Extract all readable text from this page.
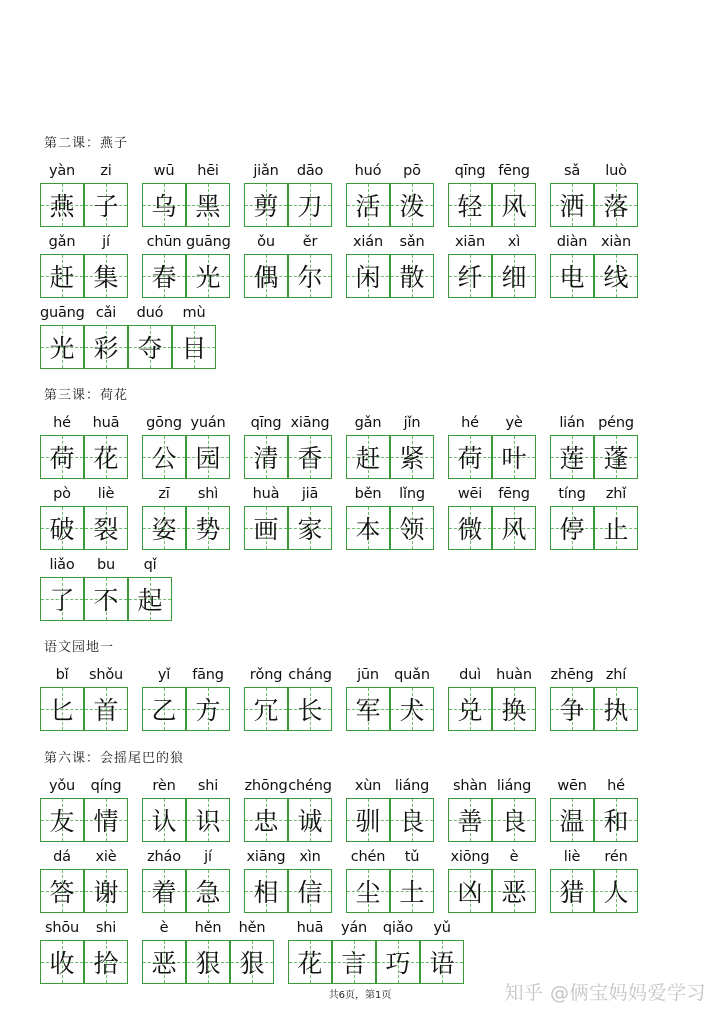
第二课：燕子
yàn
燕
zi
子
wū
乌
hēi
黑
jiǎn
剪
dāo
刀
huó
活
pō
泼
qīng
轻
fēng
风
sǎ
洒
luò
落
gǎn
赶
jí
集
chūn
春
guāng
光
ǒu
偶
ěr
尔
xián
闲
sǎn
散
xiān
纤
xì
细
diàn
电
xiàn
线
guāng
光
cǎi
彩
duó
夺
mù
目
第三课：荷花
hé
荷
huā
花
gōng
公
yuán
园
qīng
清
xiāng
香
gǎn
赶
jǐn
紧
hé
荷
yè
叶
lián
莲
péng
蓬
pò
破
liè
裂
zī
姿
shì
势
huà
画
jiā
家
běn
本
lǐng
领
wēi
微
fēng
风
tíng
停
zhǐ
止
liǎo
了
bu
不
qǐ
起
语文园地一
bǐ
匕
shǒu
首
yǐ
乙
fāng
方
rǒng
冗
cháng
长
jūn
军
quǎn
犬
duì
兑
huàn
换
zhēng
争
zhí
执
第六课：会摇尾巴的狼
yǒu
友
qíng
情
rèn
认
shi
识
zhōng
忠
chéng
诚
xùn
驯
liáng
良
shàn
善
liáng
良
wēn
温
hé
和
dá
答
xiè
谢
zháo
着
jí
急
xiāng
相
xìn
信
chén
尘
tǔ
土
xiōng
凶
è
恶
liè
猎
rén
人
shōu
收
shi
拾
è
恶
hěn
狠
hěn
狠
huā
花
yán
言
qiǎo
巧
yǔ
语
共6页，第1页	知乎 @俩宝妈妈爱学习
